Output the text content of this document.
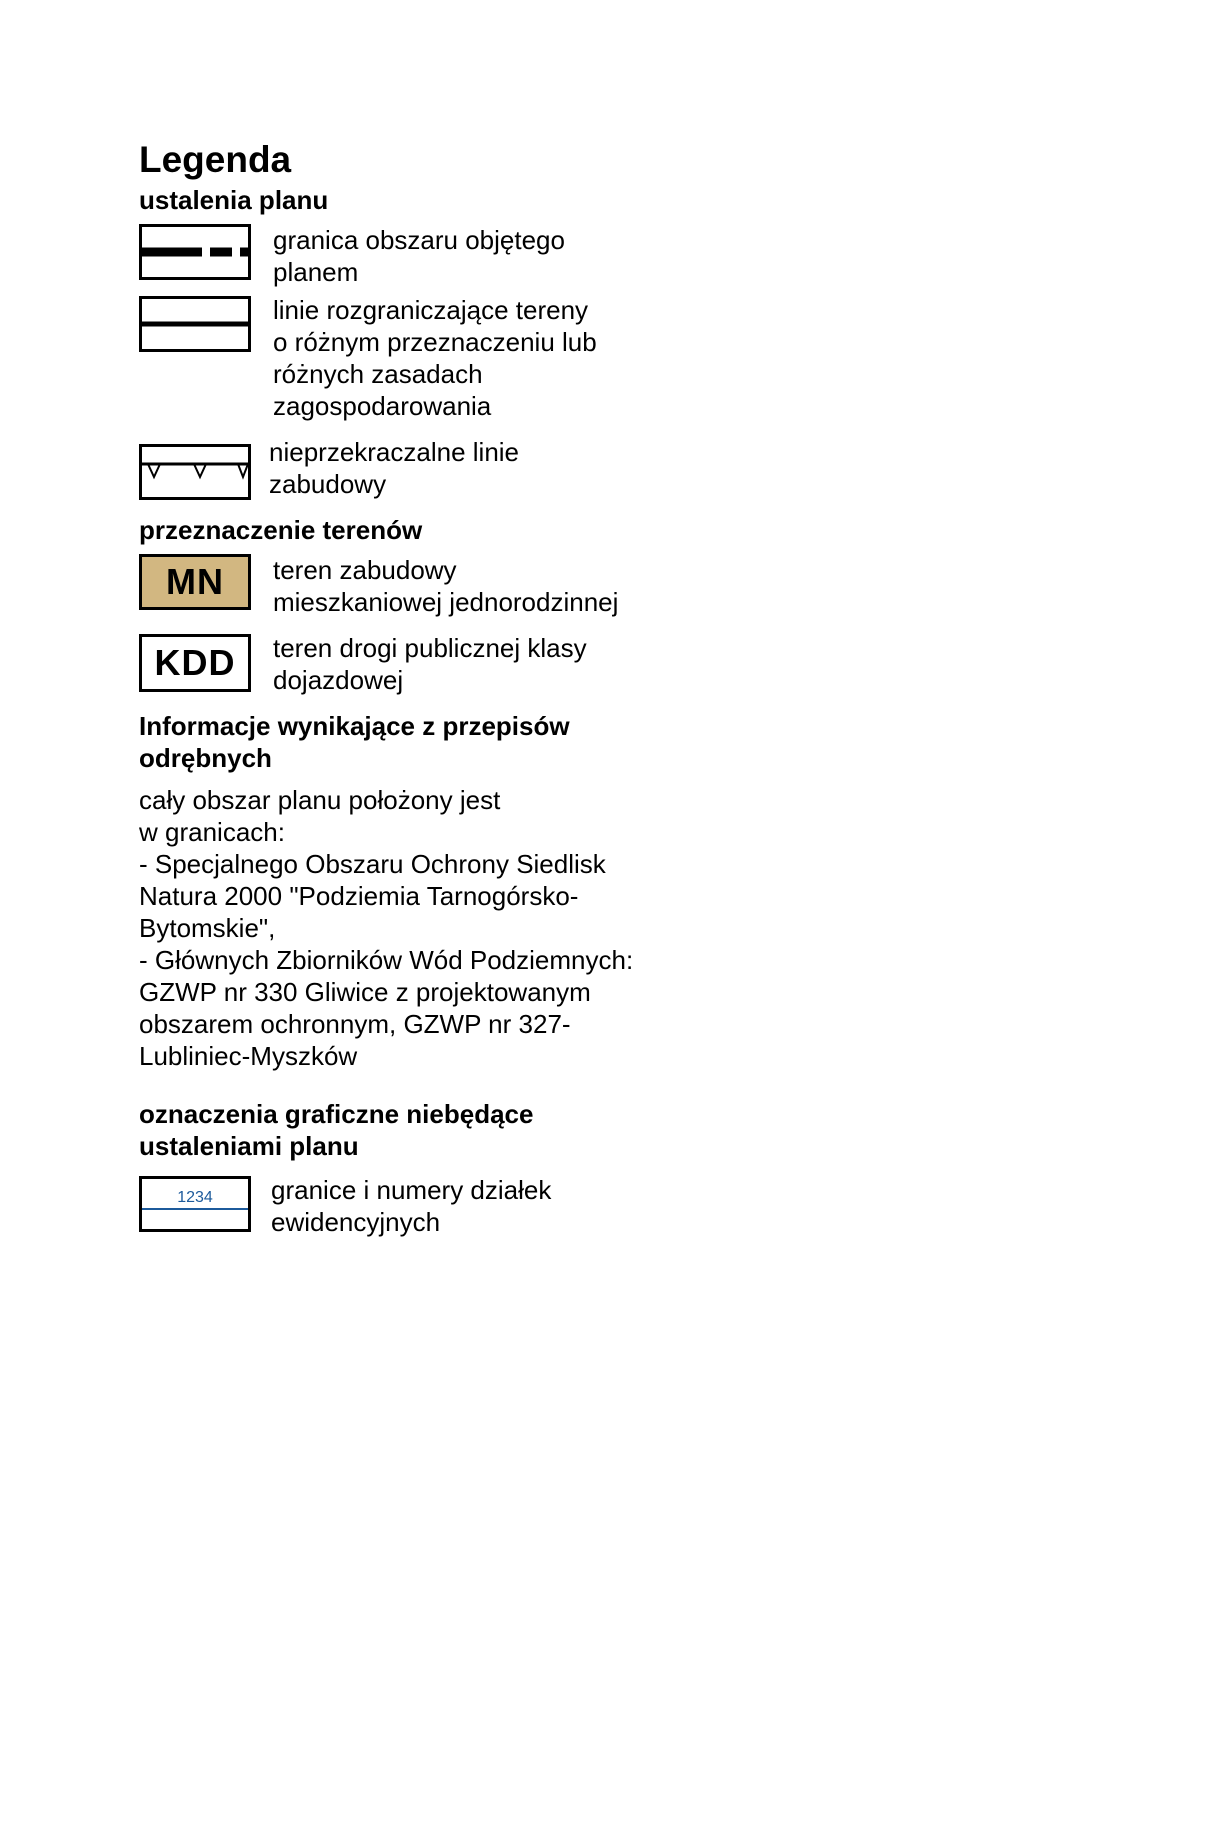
Legenda
ustalenia planu
granica obszaru objętego
planem
linie rozgraniczające tereny
o różnym przeznaczeniu lub
różnych zasadach
zagospodarowania
nieprzekraczalne linie
zabudowy
przeznaczenie terenów
MN	teren zabudowy
mieszkaniowej jednorodzinnej
KDD	teren drogi publicznej klasy
dojazdowej
Informacje wynikające z przepisów
odrębnych
cały obszar planu położony jest
w granicach:
- Specjalnego Obszaru Ochrony Siedlisk
Natura 2000 "Podziemia Tarnogórsko-
Bytomskie",
- Głównych Zbiorników Wód Podziemnych:
GZWP nr 330 Gliwice z projektowanym
obszarem ochronnym, GZWP nr 327-
Lubliniec-Myszków
oznaczenia graficzne niebędące
ustaleniami planu
1234	granice i numery działek
ewidencyjnych
